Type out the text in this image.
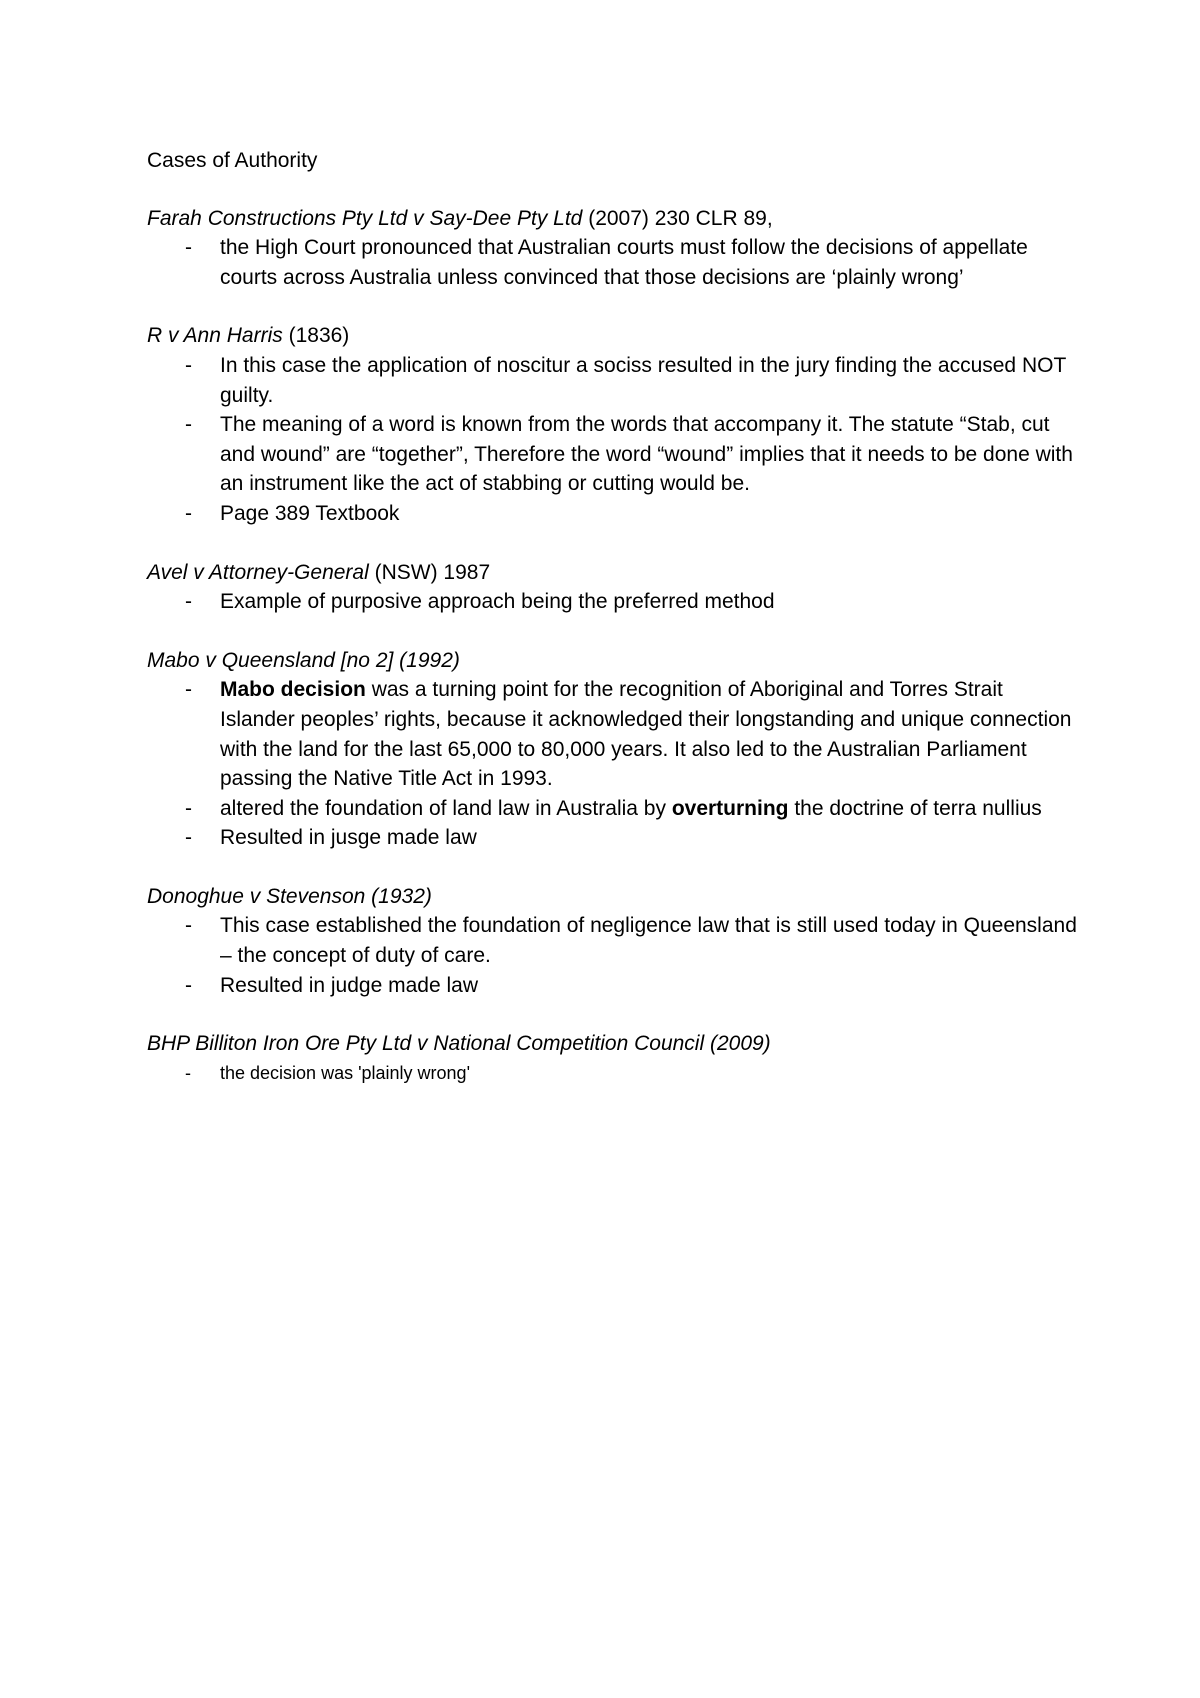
Cases of Authority

Farah Constructions Pty Ltd v Say-Dee Pty Ltd (2007) 230 CLR 89,

- the High Court pronounced that Australian courts must follow the decisions of appellate courts across Australia unless convinced that those decisions are ‘plainly wrong’

R v Ann Harris (1836)

- In this case the application of noscitur a sociss resulted in the jury finding the accused NOT guilty.
- The meaning of a word is known from the words that accompany it. The statute “Stab, cut and wound” are “together”, Therefore the word “wound” implies that it needs to be done with an instrument like the act of stabbing or cutting would be.
- Page 389 Textbook

Avel v Attorney-General (NSW) 1987

- Example of purposive approach being the preferred method

Mabo v Queensland [no 2] (1992)

- Mabo decision was a turning point for the recognition of Aboriginal and Torres Strait Islander peoples’ rights, because it acknowledged their longstanding and unique connection with the land for the last 65,000 to 80,000 years. It also led to the Australian Parliament passing the Native Title Act in 1993.
- altered the foundation of land law in Australia by overturning the doctrine of terra nullius
- Resulted in jusge made law

Donoghue v Stevenson (1932)

- This case established the foundation of negligence law that is still used today in Queensland – the concept of duty of care.
- Resulted in judge made law

BHP Billiton Iron Ore Pty Ltd v National Competition Council (2009)

- the decision was 'plainly wrong'
